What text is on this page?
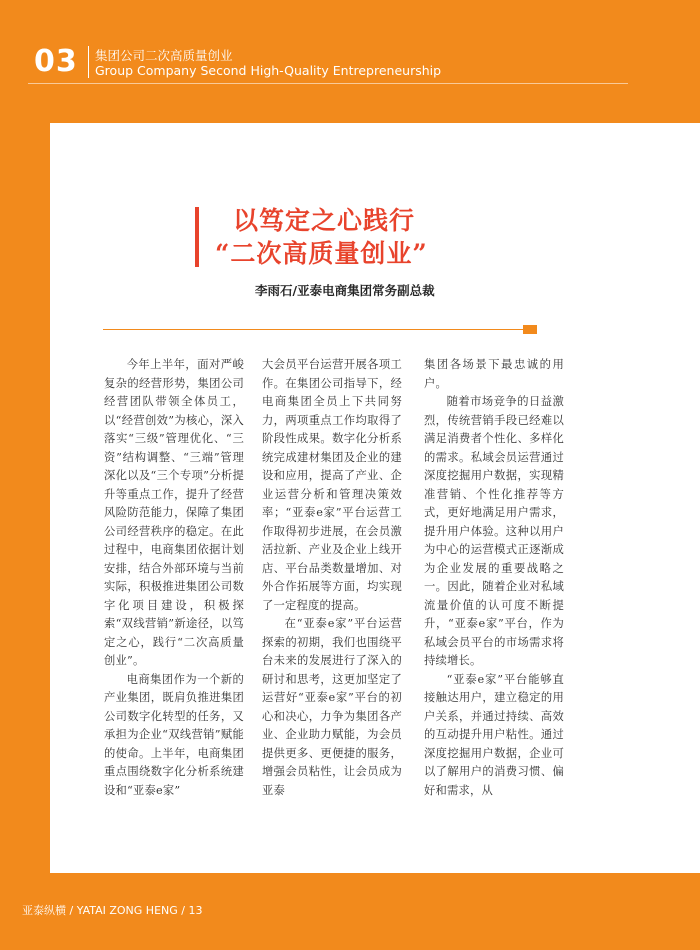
03 集团公司二次高质量创业
Group Company Second High-Quality Entrepreneurship
以笃定之心践行
“二次高质量创业”
李雨石/亚泰电商集团常务副总裁

今年上半年，面对严峻复杂的经营形势，集团公司经营团队带领全体员工，以“经营创效”为核心，深入落实“三级”管理优化、“三资”结构调整、“三端”管理深化以及“三个专项”分析提升等重点工作，提升了经营风险防范能力，保障了集团公司经营秩序的稳定。在此过程中，电商集团依据计划安排，结合外部环境与当前实际，积极推进集团公司数字化项目建设，积极探索“双线营销”新途径，以笃定之心，践行“二次高质量创业”。

电商集团作为一个新的产业集团，既肩负推进集团公司数字化转型的任务，又承担为企业“双线营销”赋能的使命。上半年，电商集团重点围绕数字化分析系统建设和“亚泰e家”

大会员平台运营开展各项工作。在集团公司指导下，经电商集团全员上下共同努力，两项重点工作均取得了阶段性成果。数字化分析系统完成建材集团及企业的建设和应用，提高了产业、企业运营分析和管理决策效率；“亚泰e家”平台运营工作取得初步进展，在会员激活拉新、产业及企业上线开店、平台品类数量增加、对外合作拓展等方面，均实现了一定程度的提高。

在“亚泰e家”平台运营探索的初期，我们也围绕平台未来的发展进行了深入的研讨和思考，这更加坚定了运营好“亚泰e家”平台的初心和决心，力争为集团各产业、企业助力赋能，为会员提供更多、更便捷的服务，增强会员粘性，让会员成为亚泰

集团各场景下最忠诚的用户。

随着市场竞争的日益激烈，传统营销手段已经难以满足消费者个性化、多样化的需求。私域会员运营通过深度挖掘用户数据，实现精准营销、个性化推荐等方式，更好地满足用户需求，提升用户体验。这种以用户为中心的运营模式正逐渐成为企业发展的重要战略之一。因此，随着企业对私域流量价值的认可度不断提升，“亚泰e家”平台，作为私域会员平台的市场需求将持续增长。

“亚泰e家”平台能够直接触达用户，建立稳定的用户关系，并通过持续、高效的互动提升用户粘性。通过深度挖掘用户数据，企业可以了解用户的消费习惯、偏好和需求，从

亚泰纵横 / YATAI ZONG HENG / 13
